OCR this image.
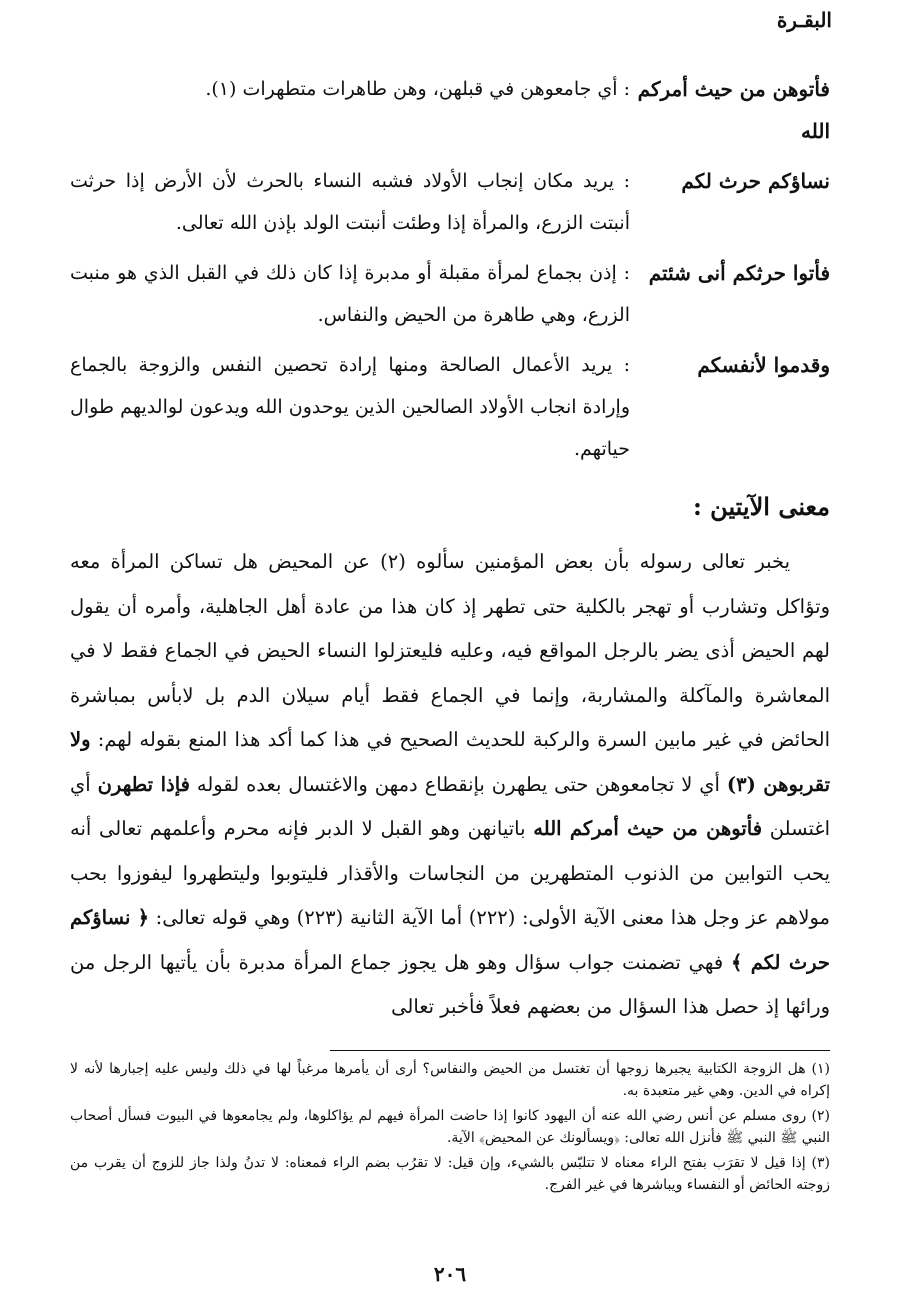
البقـرة
فأتوهن من حيث أمركم الله
: أي جامعوهن في قبلهن، وهن طاهرات متطهرات (١).
نساؤكم حرث لكم
: يريد مكان إنجاب الأولاد فشبه النساء بالحرث لأن الأرض إذا حرثت أنبتت الزرع، والمرأة إذا وطئت أنبتت الولد بإذن الله تعالى.
فأتوا حرثكم أنى شئتم
: إذن بجماع لمرأة مقبلة أو مدبرة إذا كان ذلك في القبل الذي هو منبت الزرع، وهي طاهرة من الحيض والنفاس.
وقدموا لأنفسكم
: يريد الأعمال الصالحة ومنها إرادة تحصين النفس والزوجة بالجماع وإرادة انجاب الأولاد الصالحين الذين يوحدون الله ويدعون لوالديهم طوال حياتهم.
معنى الآيتين :
يخبر تعالى رسوله بأن بعض المؤمنين سألوه (٢) عن المحيض هل تساكن المرأة معه وتؤاكل وتشارب أو تهجر بالكلية حتى تطهر إذ كان هذا من عادة أهل الجاهلية، وأمره أن يقول لهم الحيض أذى يضر بالرجل المواقع فيه، وعليه فليعتزلوا النساء الحيض في الجماع فقط لا في المعاشرة والمآكلة والمشاربة، وإنما في الجماع فقط أيام سيلان الدم بل لابأس بمباشرة الحائض في غير مابين السرة والركبة للحديث الصحيح في هذا كما أكد هذا المنع بقوله لهم: ولا تقربوهن (٣) أي لا تجامعوهن حتى يطهرن بإنقطاع دمهن والاغتسال بعده لقوله فإذا تطهرن أي اغتسلن فأتوهن من حيث أمركم الله باتيانهن وهو القبل لا الدبر فإنه محرم وأعلمهم تعالى أنه يحب التوابين من الذنوب المتطهرين من النجاسات والأقذار فليتوبوا وليتطهروا ليفوزوا بحب مولاهم عز وجل هذا معنى الآية الأولى: (٢٢٢) أما الآية الثانية (٢٢٣) وهي قوله تعالى: ﴿ نساؤكم حرث لكم ﴾ فهي تضمنت جواب سؤال وهو هل يجوز جماع المرأة مدبرة بأن يأتيها الرجل من ورائها إذ حصل هذا السؤال من بعضهم فعلاً فأخبر تعالى
(١) هل الزوجة الكتابية يجبرها زوجها أن تغتسل من الحيض والنفاس؟ أرى أن يأمرها مرغباً لها في ذلك وليس عليه إجبارها لأنه لا إكراه في الدين. وهي غير متعبدة به.
(٢) روى مسلم عن أنس رضي الله عنه أن اليهود كانوا إذا حاضت المرأة فيهم لم يؤاكلوها، ولم يجامعوها في البيوت فسأل أصحاب النبي ﷺ النبي ﷺ فأنزل الله تعالى: ﴿ويسألونك عن المحيض﴾ الآية.
(٣) إذا قيل لا تقرَب بفتح الراء معناه لا تتلبّس بالشيء، وإن قيل: لا تقرُب بضم الراء فمعناه: لا تدنُ ولذا جاز للزوج أن يقرب من زوجته الحائض أو النفساء ويباشرها في غير الفرج.
٢٠٦
